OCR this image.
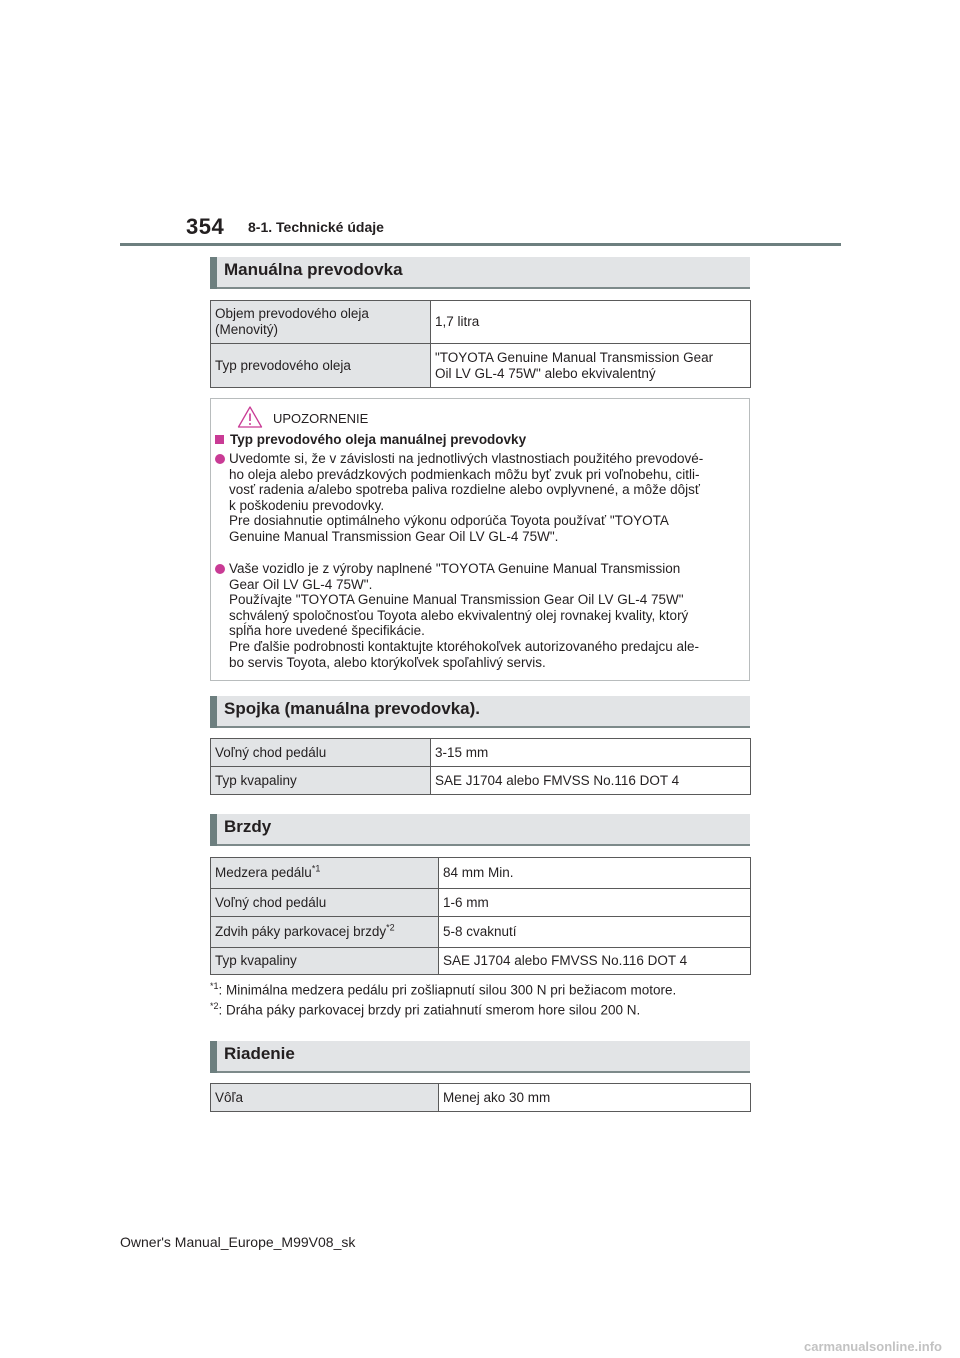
354 8-1. Technické údaje
Manuálna prevodovka
Objem prevodového oleja
(Menovitý)	1,7 litra
Typ prevodového oleja	"TOYOTA Genuine Manual Transmission Gear
Oil LV GL-4 75W" alebo ekvivalentný
UPOZORNENIE
Typ prevodového oleja manuálnej prevodovky
Uvedomte si, že v závislosti na jednotlivých vlastnostiach použitého prevodové-
ho oleja alebo prevádzkových podmienkach môžu byť zvuk pri voľnobehu, citli-
vosť radenia a/alebo spotreba paliva rozdielne alebo ovplyvnené, a môže dôjsť
k poškodeniu prevodovky.
Pre dosiahnutie optimálneho výkonu odporúča Toyota používať "TOYOTA
Genuine Manual Transmission Gear Oil LV GL-4 75W".
Vaše vozidlo je z výroby naplnené "TOYOTA Genuine Manual Transmission
Gear Oil LV GL-4 75W".
Používajte "TOYOTA Genuine Manual Transmission Gear Oil LV GL-4 75W"
schválený spoločnosťou Toyota alebo ekvivalentný olej rovnakej kvality, ktorý
spĺňa hore uvedené špecifikácie.
Pre ďalšie podrobnosti kontaktujte ktoréhokoľvek autorizovaného predajcu ale-
bo servis Toyota, alebo ktorýkoľvek spoľahlivý servis.
Spojka (manuálna prevodovka).
Voľný chod pedálu	3-15 mm
Typ kvapaliny	SAE J1704 alebo FMVSS No.116 DOT 4
Brzdy
Medzera pedálu$^{*1}$	84 mm Min.
Voľný chod pedálu	1-6 mm
Zdvih páky parkovacej brzdy$^{*2}$	5-8 cvaknutí
Typ kvapaliny	SAE J1704 alebo FMVSS No.116 DOT 4
$^{*1}$: Minimálna medzera pedálu pri zošliapnutí silou 300 N pri bežiacom motore.
$^{*2}$: Dráha páky parkovacej brzdy pri zatiahnutí smerom hore silou 200 N.
Riadenie
Vôľa	Menej ako 30 mm
Owner's Manual_Europe_M99V08_sk
carmanualsonline.info
